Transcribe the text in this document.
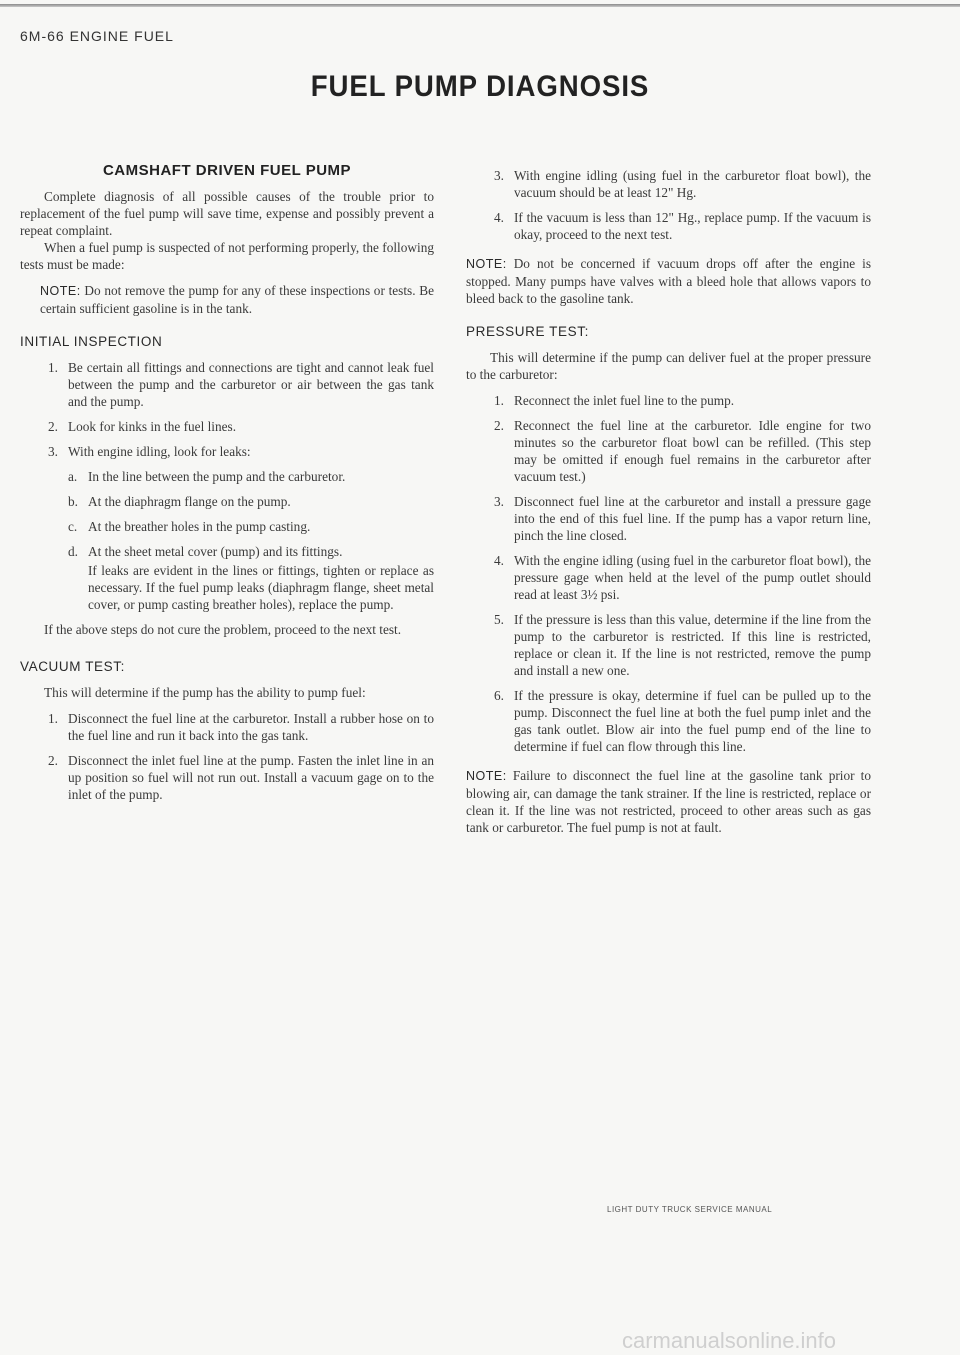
6M-66 ENGINE FUEL
FUEL PUMP DIAGNOSIS
CAMSHAFT DRIVEN FUEL PUMP

Complete diagnosis of all possible causes of the trouble prior to replacement of the fuel pump will save time, expense and possibly prevent a repeat complaint.

When a fuel pump is suspected of not performing properly, the following tests must be made:

NOTE: Do not remove the pump for any of these inspections or tests. Be certain sufficient gasoline is in the tank.

INITIAL INSPECTION
1. Be certain all fittings and connections are tight and cannot leak fuel between the pump and the carburetor or air between the gas tank and the pump.
2. Look for kinks in the fuel lines.
3. With engine idling, look for leaks:
a. In the line between the pump and the carburetor.
b. At the diaphragm flange on the pump.
c. At the breather holes in the pump casting.
d. At the sheet metal cover (pump) and its fittings.

If leaks are evident in the lines or fittings, tighten or replace as necessary. If the fuel pump leaks (diaphragm flange, sheet metal cover, or pump casting breather holes), replace the pump.

If the above steps do not cure the problem, proceed to the next test.

VACUUM TEST:

This will determine if the pump has the ability to pump fuel:

1. Disconnect the fuel line at the carburetor. Install a rubber hose on to the fuel line and run it back into the gas tank.
2. Disconnect the inlet fuel line at the pump. Fasten the inlet line in an up position so fuel will not run out. Install a vacuum gage on to the inlet of the pump.
3. With engine idling (using fuel in the carburetor float bowl), the vacuum should be at least 12" Hg.
4. If the vacuum is less than 12" Hg., replace pump. If the vacuum is okay, proceed to the next test.

NOTE: Do not be concerned if vacuum drops off after the engine is stopped. Many pumps have valves with a bleed hole that allows vapors to bleed back to the gasoline tank.

PRESSURE TEST:

This will determine if the pump can deliver fuel at the proper pressure to the carburetor:

1. Reconnect the inlet fuel line to the pump.
2. Reconnect the fuel line at the carburetor. Idle engine for two minutes so the carburetor float bowl can be refilled. (This step may be omitted if enough fuel remains in the carburetor after vacuum test.)
3. Disconnect fuel line at the carburetor and install a pressure gage into the end of this fuel line. If the pump has a vapor return line, pinch the line closed.
4. With the engine idling (using fuel in the carburetor float bowl), the pressure gage when held at the level of the pump outlet should read at least 3½ psi.
5. If the pressure is less than this value, determine if the line from the pump to the carburetor is restricted. If this line is restricted, replace or clean it. If the line is not restricted, remove the pump and install a new one.
6. If the pressure is okay, determine if fuel can be pulled up to the pump. Disconnect the fuel line at both the fuel pump inlet and the gas tank outlet. Blow air into the fuel pump end of the line to determine if fuel can flow through this line.

NOTE: Failure to disconnect the fuel line at the gasoline tank prior to blowing air, can damage the tank strainer. If the line is restricted, replace or clean it. If the line was not restricted, proceed to other areas such as gas tank or carburetor. The fuel pump is not at fault.

LIGHT DUTY TRUCK SERVICE MANUAL
carmanualsonline.info
